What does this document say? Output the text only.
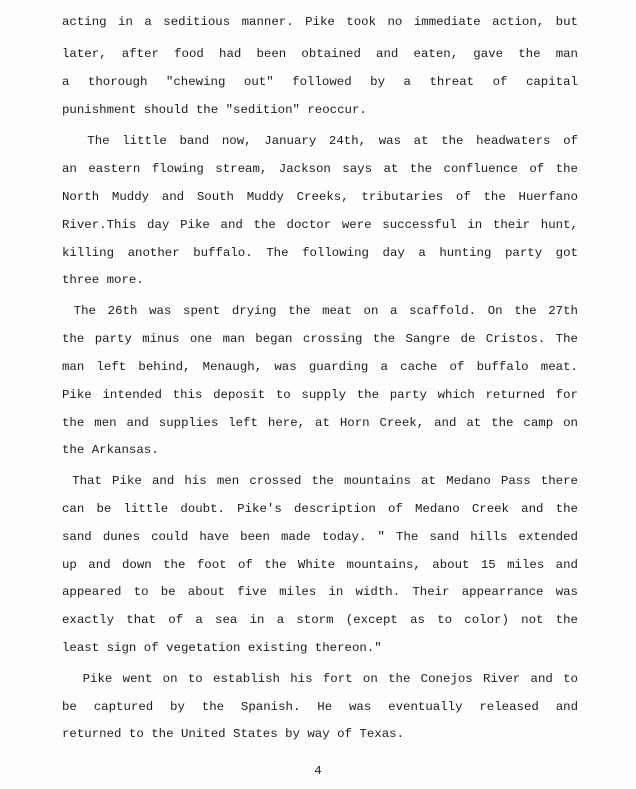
acting in a seditious manner. Pike took no immediate action, but
later, after food had been obtained and eaten, gave the man
a thorough "chewing out" followed by a threat of capital
punishment should the "sedition" reoccur.
The little band now, January 24th, was at the headwaters of
an eastern flowing stream, Jackson says at the confluence of the
North Muddy and South Muddy Creeks, tributaries of the Huerfano
River.This day Pike and the doctor were successful in their hunt,
killing another buffalo. The following day a hunting party got
three more.
The 26th was spent drying the meat on a scaffold. On the 27th
the party minus one man began crossing the Sangre de Cristos. The
man left behind, Menaugh, was guarding a cache of buffalo meat.
Pike intended this deposit to supply the party which returned for
the men and supplies left here, at Horn Creek, and at the camp on
the Arkansas.
That Pike and his men crossed the mountains at Medano Pass there
can be little doubt. Pike's description of Medano Creek and the
sand dunes could have been made today. " The sand hills extended
up and down the foot of the White mountains, about 15 miles and
appeared to be about five miles in width. Their appearrance was
exactly that of a sea in a storm (except as to color) not the
least sign of vegetation existing thereon."
Pike went on to establish his fort on the Conejos River and to
be captured by the Spanish. He was eventually released and
returned to the United States by way of Texas.
4
